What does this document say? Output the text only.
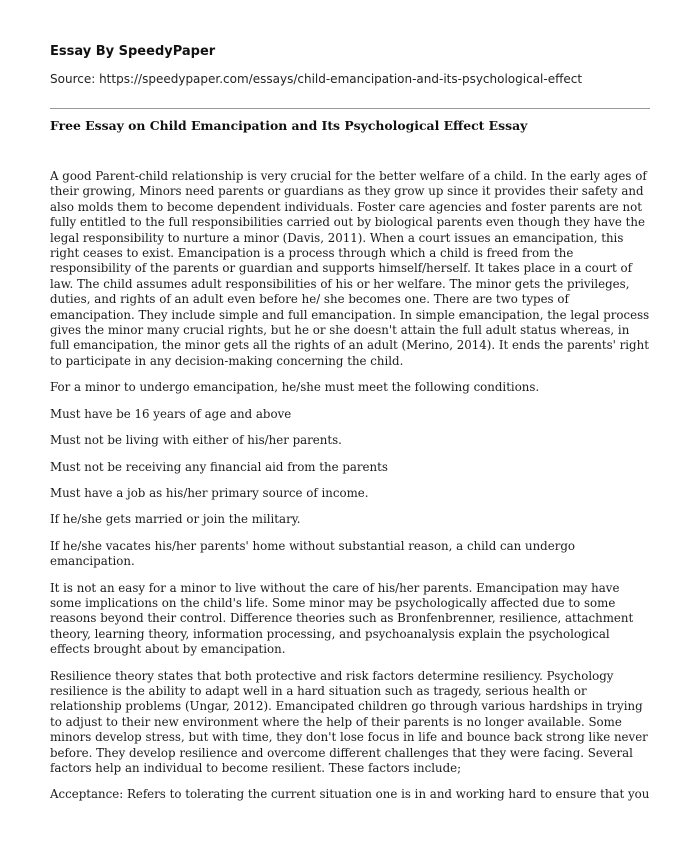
Essay By SpeedyPaper
Source: https://speedypaper.com/essays/child-emancipation-and-its-psychological-effect
Free Essay on Child Emancipation and Its Psychological Effect Essay

A good Parent-child relationship is very crucial for the better welfare of a child. In the early ages of their growing, Minors need parents or guardians as they grow up since it provides their safety and also molds them to become dependent individuals. Foster care agencies and foster parents are not fully entitled to the full responsibilities carried out by biological parents even though they have the legal responsibility to nurture a minor (Davis, 2011). When a court issues an emancipation, this right ceases to exist. Emancipation is a process through which a child is freed from the responsibility of the parents or guardian and supports himself/herself. It takes place in a court of law. The child assumes adult responsibilities of his or her welfare. The minor gets the privileges, duties, and rights of an adult even before he/ she becomes one. There are two types of emancipation. They include simple and full emancipation. In simple emancipation, the legal process gives the minor many crucial rights, but he or she doesn't attain the full adult status whereas, in full emancipation, the minor gets all the rights of an adult (Merino, 2014). It ends the parents' right to participate in any decision-making concerning the child.

For a minor to undergo emancipation, he/she must meet the following conditions.

Must have be 16 years of age and above

Must not be living with either of his/her parents.

Must not be receiving any financial aid from the parents

Must have a job as his/her primary source of income.

If he/she gets married or join the military.

If he/she vacates his/her parents' home without substantial reason, a child can undergo emancipation.

It is not an easy for a minor to live without the care of his/her parents. Emancipation may have some implications on the child's life. Some minor may be psychologically affected due to some reasons beyond their control. Difference theories such as Bronfenbrenner, resilience, attachment theory, learning theory, information processing, and psychoanalysis explain the psychological effects brought about by emancipation.

Resilience theory states that both protective and risk factors determine resiliency. Psychology resilience is the ability to adapt well in a hard situation such as tragedy, serious health or relationship problems (Ungar, 2012). Emancipated children go through various hardships in trying to adjust to their new environment where the help of their parents is no longer available. Some minors develop stress, but with time, they don't lose focus in life and bounce back strong like never before. They develop resilience and overcome different challenges that they were facing. Several factors help an individual to become resilient. These factors include;

Acceptance: Refers to tolerating the current situation one is in and working hard to ensure that you
